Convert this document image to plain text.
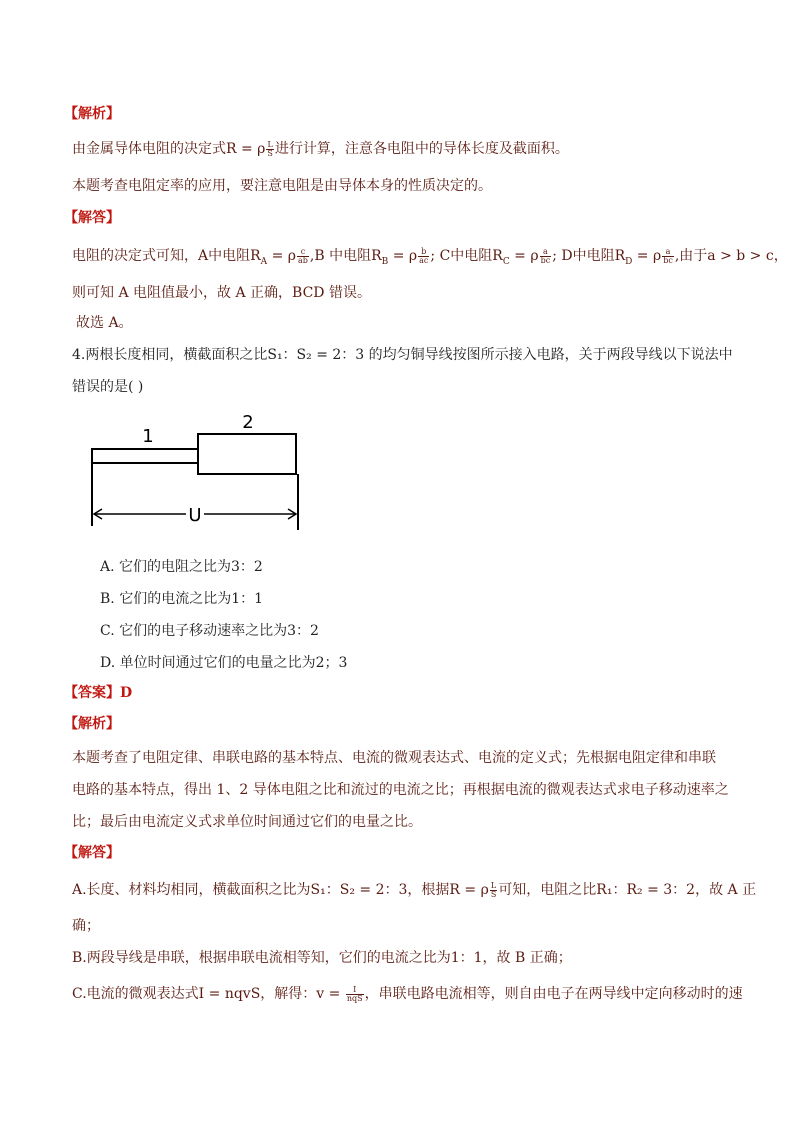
【解析】
由金属导体电阻的决定式R = ρ $\frac{L}{S}$ 进行计算，注意各电阻中的导体长度及截面积。
本题考查电阻定率的应用，要注意电阻是由导体本身的性质决定的。
【解答】
电阻的决定式可知，A中电阻$R_A = \rho \frac{c}{ab} ,B$ 中电阻$R_B = \rho \frac{b}{ac}$ ; C中电阻$R_C = \rho \frac{a}{bc}$ ; D中电阻$R_D = \rho \frac{a}{bc}$ ,由于a > b > c，
则可知 A 电阻值最小，故 A 正确，BCD 错误。
故选 A。
4.两根长度相同，横截面积之比S₁：S₂ = 2：3 的均匀铜导线按图所示接入电路，关于两段导线以下说法中
错误的是( )
1
2
U
A. 它们的电阻之比为3：2
B. 它们的电流之比为1：1
C. 它们的电子移动速率之比为3：2
D. 单位时间通过它们的电量之比为2；3
【答案】D
【解析】
本题考查了电阻定律、串联电路的基本特点、电流的微观表达式、电流的定义式；先根据电阻定律和串联
电路的基本特点，得出 1、2 导体电阻之比和流过的电流之比；再根据电流的微观表达式求电子移动速率之
比；最后由电流定义式求单位时间通过它们的电量之比。
【解答】
A.长度、材料均相同，横截面积之比为S₁：S₂ = 2：3，根据R = ρ $\frac{L}{S}$ 可知，电阻之比R₁：R₂ = 3：2，故 A 正
确；
B.两段导线是串联，根据串联电流相等知，它们的电流之比为1：1，故 B 正确；
C.电流的微观表达式I = nqvS，解得：$v = \frac{I}{\text{nqS}}$ ，串联电路电流相等，则自由电子在两导线中定向移动时的速
